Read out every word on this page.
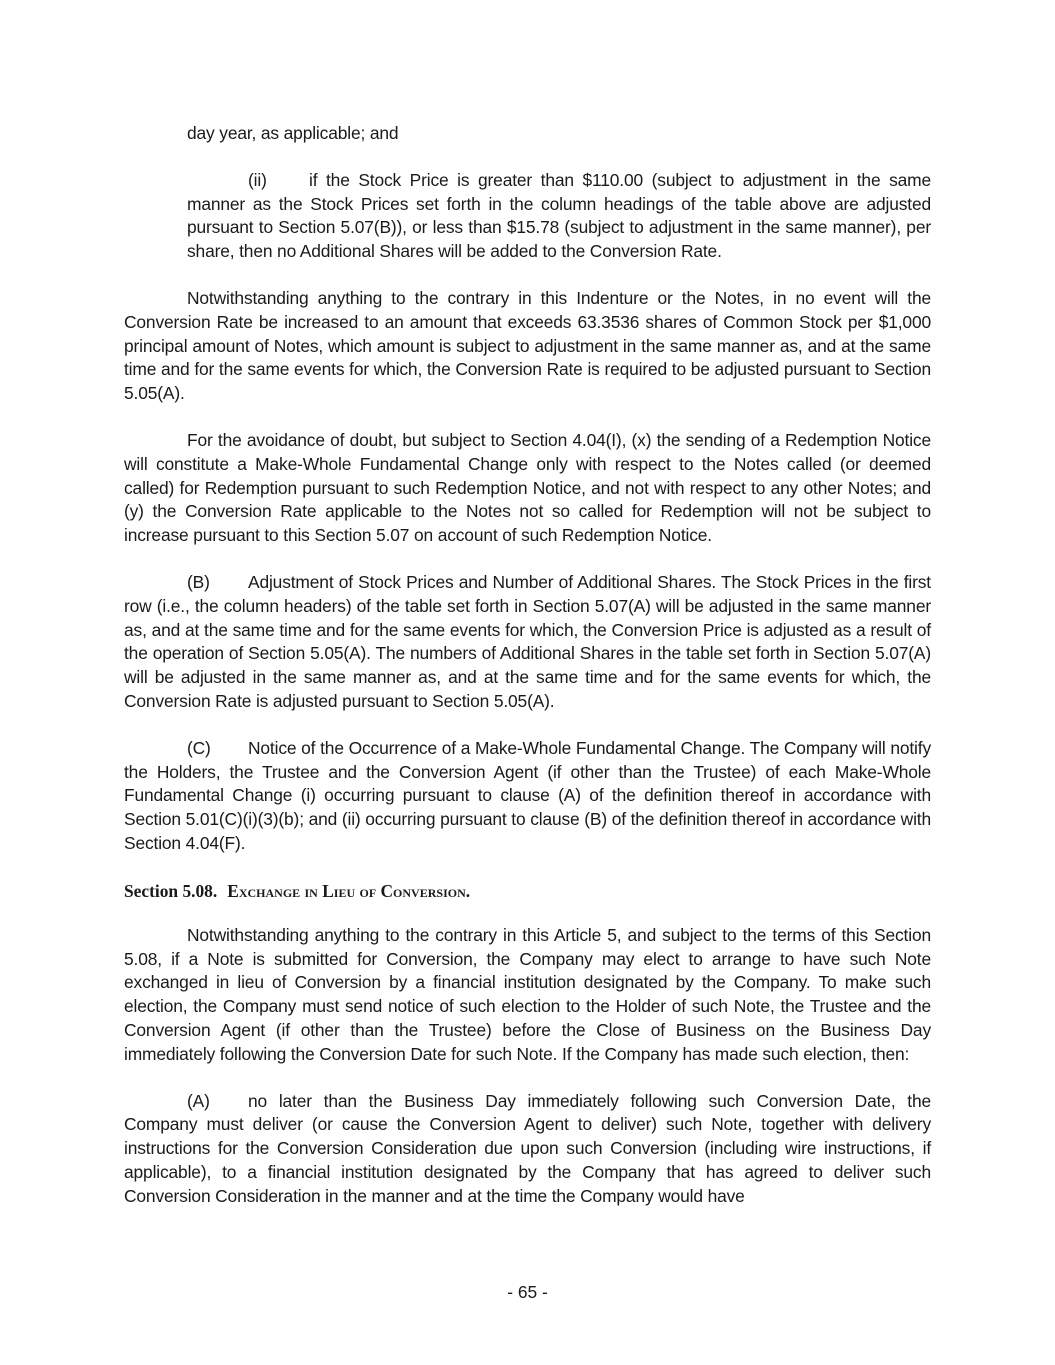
day year, as applicable; and

(ii) if the Stock Price is greater than $110.00 (subject to adjustment in the same manner as the Stock Prices set forth in the column headings of the table above are adjusted pursuant to Section 5.07(B)), or less than $15.78 (subject to adjustment in the same manner), per share, then no Additional Shares will be added to the Conversion Rate.

Notwithstanding anything to the contrary in this Indenture or the Notes, in no event will the Conversion Rate be increased to an amount that exceeds 63.3536 shares of Common Stock per $1,000 principal amount of Notes, which amount is subject to adjustment in the same manner as, and at the same time and for the same events for which, the Conversion Rate is required to be adjusted pursuant to Section 5.05(A).

For the avoidance of doubt, but subject to Section 4.04(I), (x) the sending of a Redemption Notice will constitute a Make-Whole Fundamental Change only with respect to the Notes called (or deemed called) for Redemption pursuant to such Redemption Notice, and not with respect to any other Notes; and (y) the Conversion Rate applicable to the Notes not so called for Redemption will not be subject to increase pursuant to this Section 5.07 on account of such Redemption Notice.

(B) Adjustment of Stock Prices and Number of Additional Shares. The Stock Prices in the first row (i.e., the column headers) of the table set forth in Section 5.07(A) will be adjusted in the same manner as, and at the same time and for the same events for which, the Conversion Price is adjusted as a result of the operation of Section 5.05(A). The numbers of Additional Shares in the table set forth in Section 5.07(A) will be adjusted in the same manner as, and at the same time and for the same events for which, the Conversion Rate is adjusted pursuant to Section 5.05(A).

(C) Notice of the Occurrence of a Make-Whole Fundamental Change. The Company will notify the Holders, the Trustee and the Conversion Agent (if other than the Trustee) of each Make-Whole Fundamental Change (i) occurring pursuant to clause (A) of the definition thereof in accordance with Section 5.01(C)(i)(3)(b); and (ii) occurring pursuant to clause (B) of the definition thereof in accordance with Section 4.04(F).

Section 5.08. Exchange in Lieu of Conversion.

Notwithstanding anything to the contrary in this Article 5, and subject to the terms of this Section 5.08, if a Note is submitted for Conversion, the Company may elect to arrange to have such Note exchanged in lieu of Conversion by a financial institution designated by the Company. To make such election, the Company must send notice of such election to the Holder of such Note, the Trustee and the Conversion Agent (if other than the Trustee) before the Close of Business on the Business Day immediately following the Conversion Date for such Note. If the Company has made such election, then:

(A) no later than the Business Day immediately following such Conversion Date, the Company must deliver (or cause the Conversion Agent to deliver) such Note, together with delivery instructions for the Conversion Consideration due upon such Conversion (including wire instructions, if applicable), to a financial institution designated by the Company that has agreed to deliver such Conversion Consideration in the manner and at the time the Company would have

- 65 -
